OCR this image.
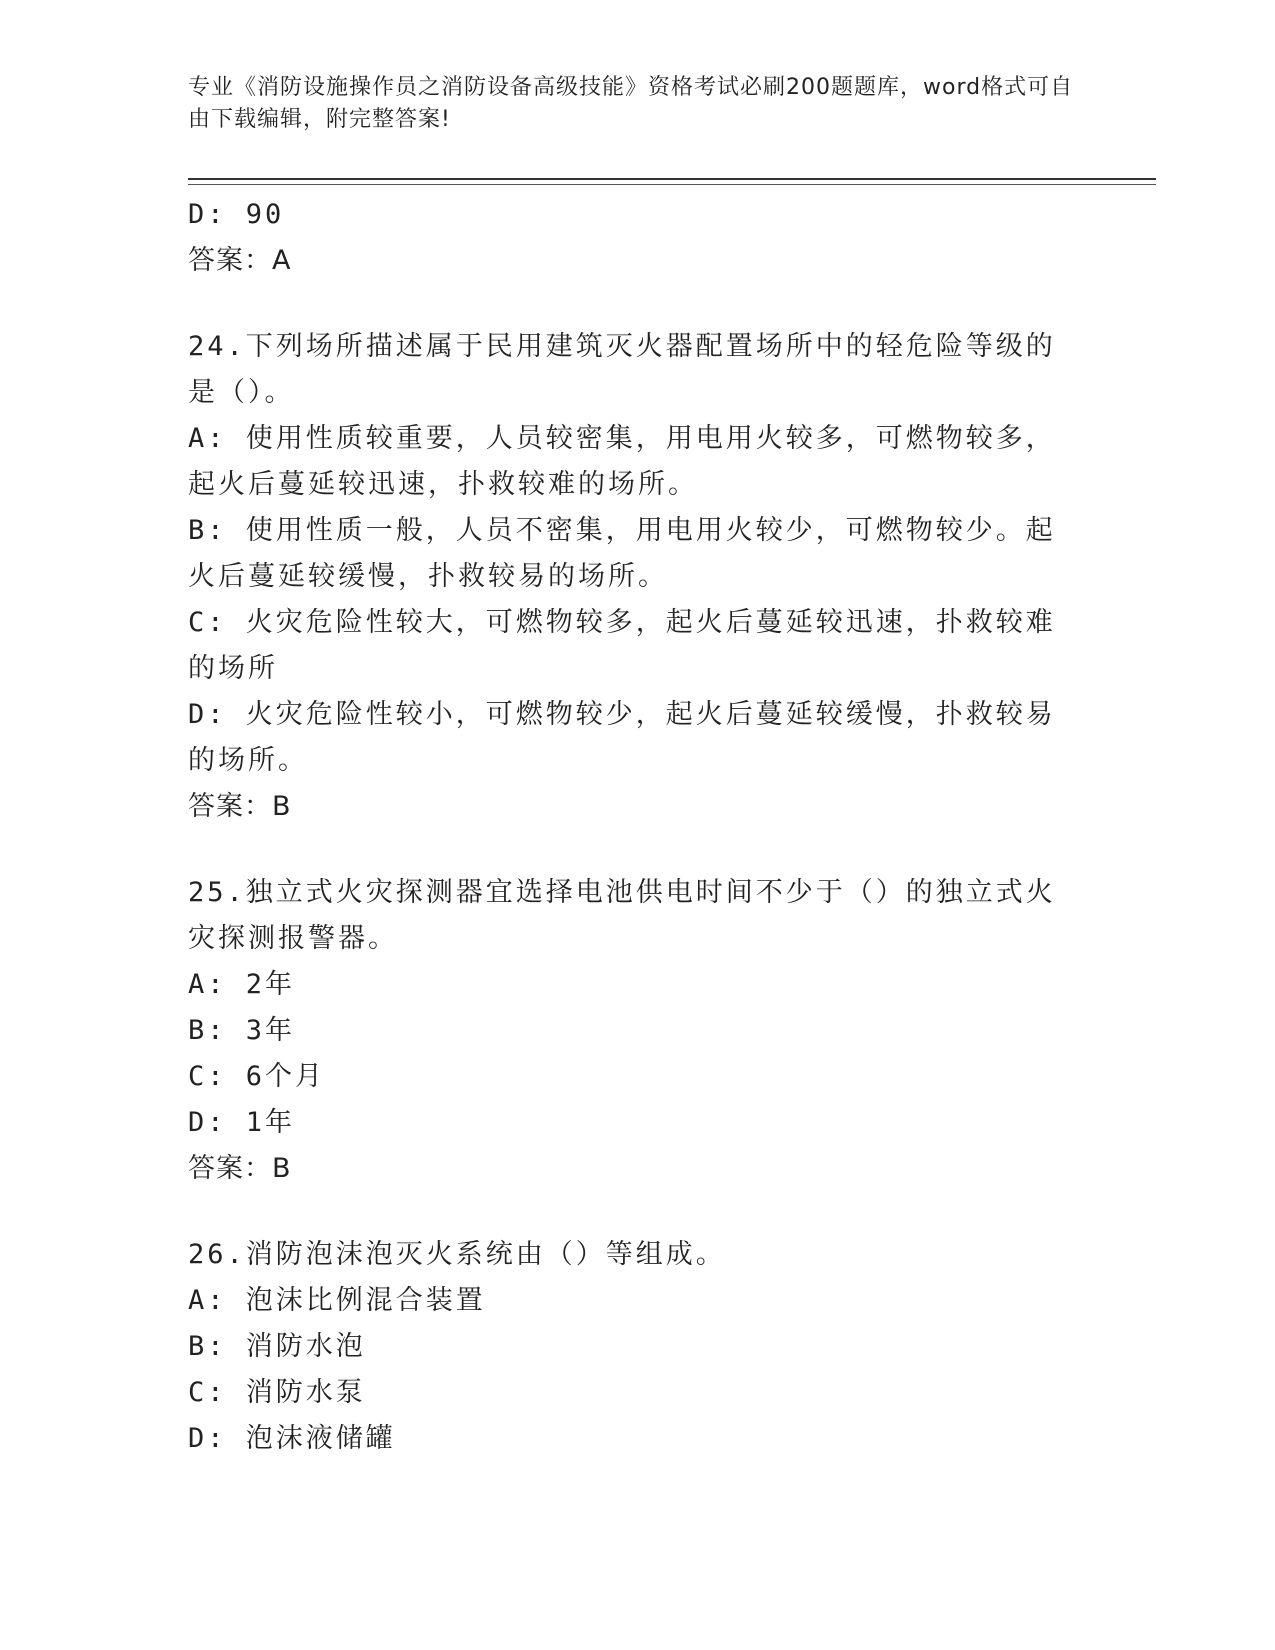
专业《消防设施操作员之消防设备高级技能》资格考试必刷200题题库，word格式可自由下载编辑，附完整答案!
D: 90
答案：A
24.下列场所描述属于民用建筑灭火器配置场所中的轻危险等级的是（）。
A: 使用性质较重要，人员较密集，用电用火较多，可燃物较多，起火后蔓延较迅速，扑救较难的场所。
B: 使用性质一般，人员不密集，用电用火较少，可燃物较少。起火后蔓延较缓慢，扑救较易的场所。
C: 火灾危险性较大，可燃物较多，起火后蔓延较迅速，扑救较难的场所
D: 火灾危险性较小，可燃物较少，起火后蔓延较缓慢，扑救较易的场所。
答案：B
25.独立式火灾探测器宜选择电池供电时间不少于（）的独立式火灾探测报警器。
A: 2年
B: 3年
C: 6个月
D: 1年
答案：B
26.消防泡沫泡灭火系统由（）等组成。
A: 泡沫比例混合装置
B: 消防水泡
C: 消防水泵
D: 泡沫液储罐
